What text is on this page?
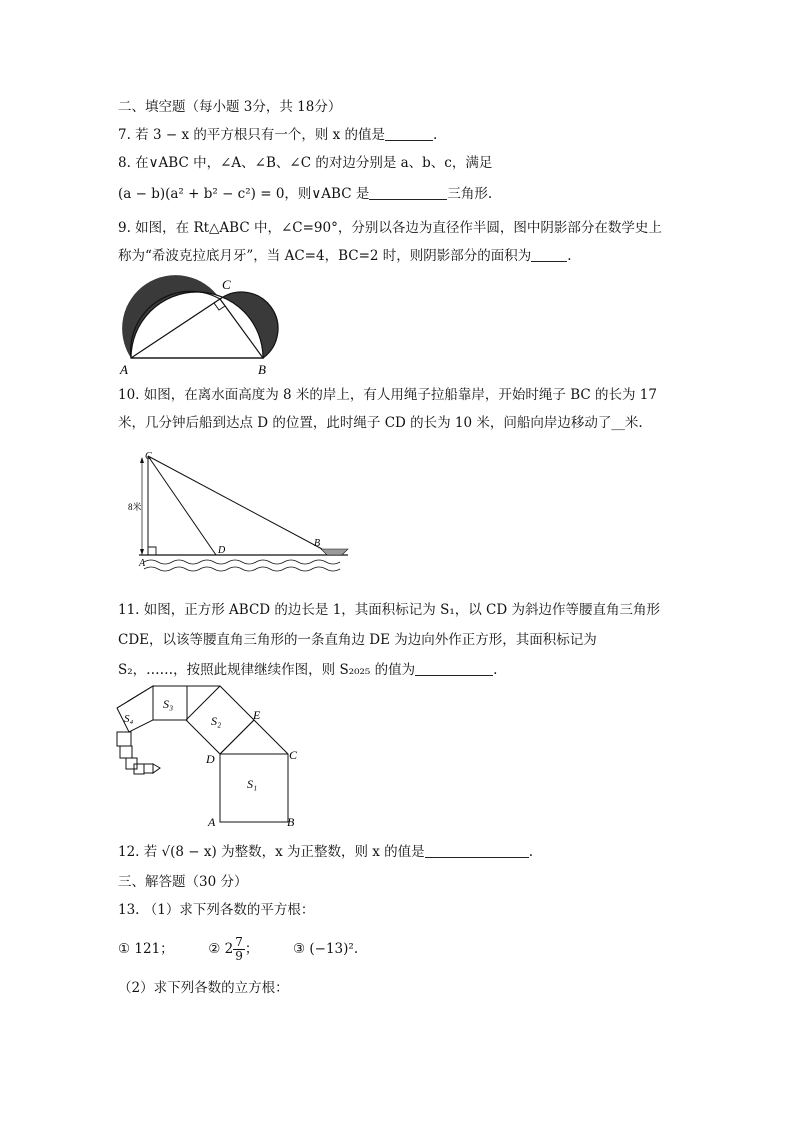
二、填空题（每小题 3分，共 18分）
7. 若 3 − x 的平方根只有一个，则 x 的值是	.
8. 在∨ABC 中，∠A、∠B、∠C 的对边分别是 a、b、c，满足
(a − b)(a² + b² − c²) = 0，则∨ABC 是	三角形.
9. 如图，在 Rt△ABC 中，∠C=90°，分别以各边为直径作半圆，图中阴影部分在数学史上
称为“希波克拉底月牙”，当 AC=4，BC=2 时，则阴影部分的面积为	.
C
A	B
10. 如图，在离水面高度为 8 米的岸上，有人用绳子拉船靠岸，开始时绳子 BC 的长为 17
米，几分钟后船到达点 D 的位置，此时绳子 CD 的长为 10 米，问船向岸边移动了__米.
8米
C
D
B
A
11. 如图，正方形 ABCD 的边长是 1，其面积标记为 S₁，以 CD 为斜边作等腰直角三角形
CDE，以该等腰直角三角形的一条直角边 DE 为边向外作正方形，其面积标记为
S₂，……，按照此规律继续作图，则 S₂₀₂₅ 的值为	.
S₃
S₂
S₁
S₄	E
C
D
A	B
12. 若 √(8 − x) 为整数，x 为正整数，则 x 的值是	.
三、解答题（30 分）
13. （1）求下列各数的平方根：
① 121；	② $2 \frac{7}{9}$ ；	③ (−13)².
（2）求下列各数的立方根：
